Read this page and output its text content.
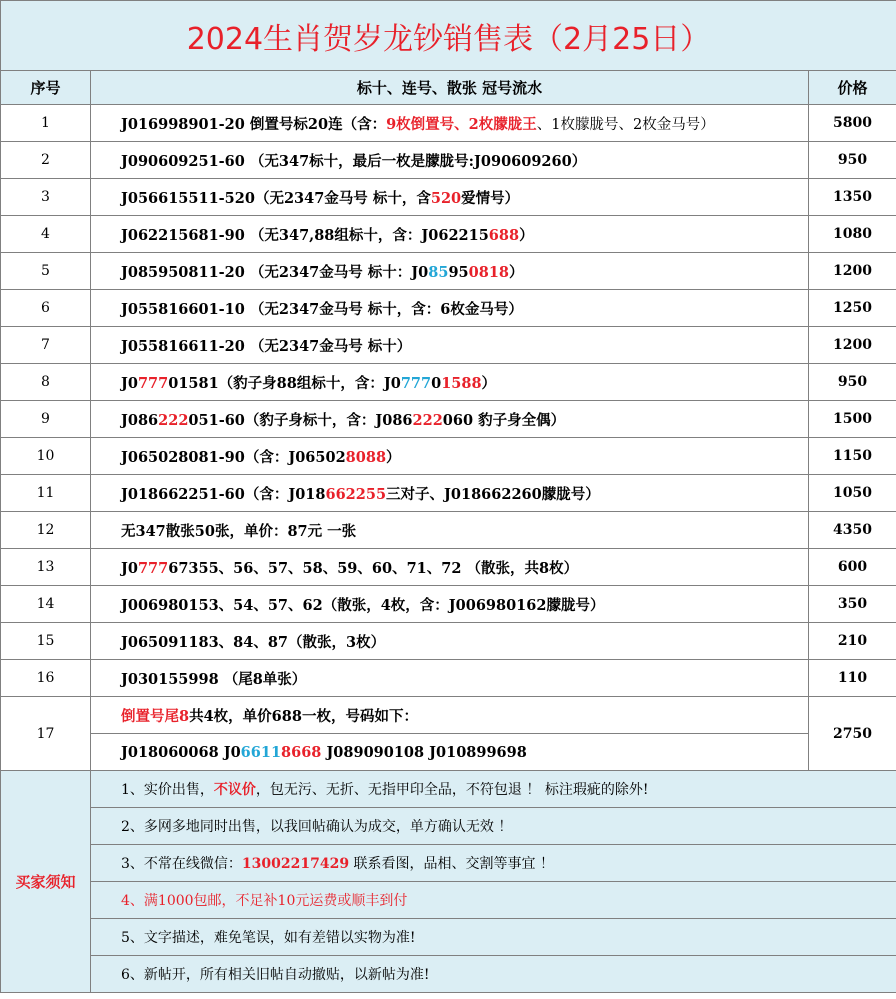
2024生肖贺岁龙钞销售表（2月25日）		
序号	标十、连号、散张 冠号流水	价格
1	J016998901-20 倒置号标20连（含：9枚倒置号、2枚朦胧王、1枚朦胧号、2枚金马号）	5800
2	J090609251-60 （无347标十，最后一枚是朦胧号:J090609260）	950
3	J056615511-520（无2347金马号 标十，含520爱情号）	1350
4	J062215681-90 （无347,88组标十，含：J062215688）	1080
5	J085950811-20 （无2347金马号 标十：J085950818）	1200
6	J055816601-10 （无2347金马号 标十，含：6枚金马号）	1250
7	J055816611-20 （无2347金马号 标十）	1200
8	J077701581（豹子身88组标十，含：J077701588）	950
9	J086222051-60（豹子身标十，含：J086222060 豹子身全偶）	1500
10	J065028081-90（含：J065028088）	1150
11	J018662251-60（含：J018662255三对子、J018662260朦胧号）	1050
12	无347散张50张，单价：87元 一张	4350
13	J077767355、56、57、58、59、60、71、72 （散张，共8枚）	600
14	J006980153、54、57、62（散张，4枚，含：J006980162朦胧号）	350
15	J065091183、84、87（散张，3枚）	210
16	J030155998 （尾8单张）	110
17	倒置号尾8共4枚，单价688一枚，号码如下：	2750
	J018060068 J066118668 J089090108 J010899698	
买家须知	1、实价出售，不议价，包无污、无折、无指甲印全品，不符包退 ！ 标注瑕疵的除外!	
	2、多网多地同时出售，以我回帖确认为成交，单方确认无效 ！	
	3、不常在线微信：13002217429 联系看图，品相、交割等事宜 ！	
	4、满1000包邮，不足补10元运费或顺丰到付	
	5、文字描述，难免笔误，如有差错以实物为准!	
	6、新帖开，所有相关旧帖自动撤贴，以新帖为准!	
